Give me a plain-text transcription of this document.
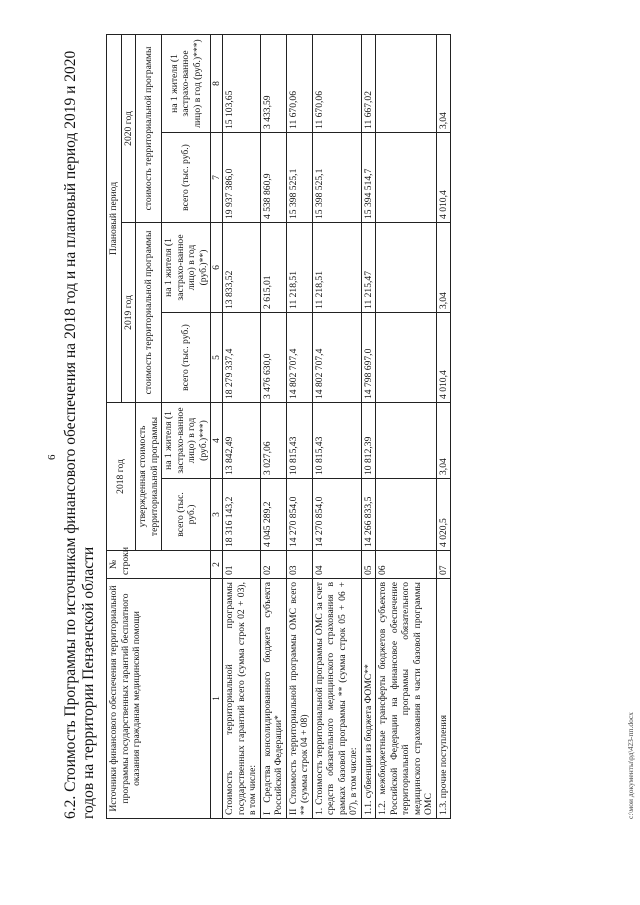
6 6.2. Стоимость Программы по источникам финансового обеспечения на 2018 год и на плановый период 2019 и 2020 годов на территории Пензенской области Источники финансового обеспечения территориальной программы государственных гарантий бесплатного оказания гражданам медицинской помощи	№ строки	2018 год		Плановый период			
				2019 год		2020 год	
		утвержденная стоимость территориальной программы		стоимость территориальной программы		стоимость территориальной программы	
		всего (тыс. руб.)	на 1 жителя (1 застрахо-ванное лицо) в год (руб.)***)	всего (тыс. руб.)	на 1 жителя (1 застрахо-ванное лицо) в год (руб.)**)	всего (тыс. руб.)	на 1 жителя (1 застрахо-ванное лицо) в год (руб.)***)
1	2	3	4	5	6	7	8
Стоимость территориальной программы государственных гарантий всего (сумма строк 02 + 03), в том числе:	01	18 316 143,2	13 842,49	18 279 337,4	13 833,52	19 937 386,0	15 103,65
I Средства консолидированного бюджета субъекта Российской Федерации*	02	4 045 289,2	3 027,06	3 476 630,0	2 615,01	4 538 860,9	3 433,59
II Стоимость территориальной программы ОМС всего ** (сумма строк 04 + 08)	03	14 270 854,0	10 815,43	14 802 707,4	11 218,51	15 398 525,1	11 670,06
1. Стоимость территориальной программы ОМС за счет средств обязательного медицинского страхования в рамках базовой программы ** (сумма строк 05 + 06 + 07), в том числе:	04	14 270 854,0	10 815,43	14 802 707,4	11 218,51	15 398 525,1	11 670,06
1.1. субвенции из бюджета ФОМС**	05	14 266 833,5	10 812,39	14 798 697,0	11 215,47	15 394 514,7	11 667,02
1.2. межбюджетные трансферты бюджетов субъектов Российской Федерации на финансовое обеспечение территориальной программы обязательного медицинского страхования в части базовой программы ОМС	06						
1.3. прочие поступления	07	4 020,5	3,04	4 010,4	3,04	4 010,4	3,04
c:\мои документы\рд\423-пп.docx
